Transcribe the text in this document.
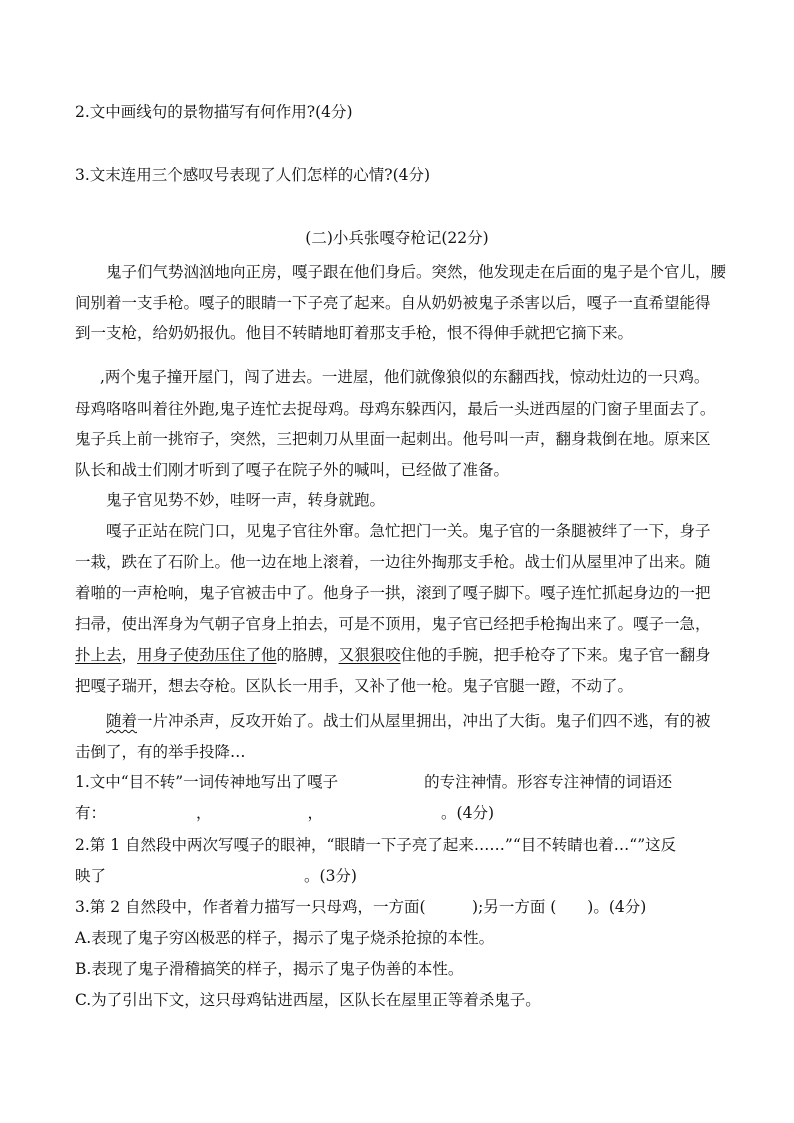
2.文中画线句的景物描写有何作用?(4分)
3.文末连用三个感叹号表现了人们怎样的心情?(4分)
(二)小兵张嘎夺枪记(22分)
鬼子们气势汹汹地向正房，嘎子跟在他们身后。突然，他发现走在后面的鬼子是个官儿，腰
间别着一支手枪。嘎子的眼睛一下子亮了起来。自从奶奶被鬼子杀害以后，嘎子一直希望能得
到一支枪，给奶奶报仇。他目不转睛地盯着那支手枪，恨不得伸手就把它摘下来。
,两个鬼子撞开屋门，闯了进去。一进屋，他们就像狼似的东翻西找，惊动灶边的一只鸡。
母鸡咯咯叫着往外跑,鬼子连忙去捉母鸡。母鸡东躲西闪，最后一头迸西屋的门窗子里面去了。
鬼子兵上前一挑帘子，突然，三把刺刀从里面一起刺出。他号叫一声，翻身栽倒在地。原来区
队长和战士们刚才听到了嘎子在院子外的喊叫，已经做了准备。
鬼子官见势不妙，哇呀一声，转身就跑。
嘎子正站在院门口，见鬼子官往外窜。急忙把门一关。鬼子官的一条腿被绊了一下，身子
一栽，跌在了石阶上。他一边在地上滚着，一边往外掏那支手枪。战士们从屋里冲了出来。随
着啪的一声枪响，鬼子官被击中了。他身子一拱，滚到了嘎子脚下。嘎子连忙抓起身边的一把
扫帚，使出浑身为气朝子官身上拍去，可是不顶用，鬼子官已经把手枪掏出来了。嘎子一急，
扑上去，用身子使劲压住了他的胳膊，又狠狠咬住他的手腕，把手枪夺了下来。鬼子官一翻身
把嘎子瑞开，想去夺枪。区队长一用手，又补了他一枪。鬼子官腿一蹬，不动了。
随着一片冲杀声，反攻开始了。战士们从屋里拥出，冲出了大街。鬼子们四不逃，有的被
击倒了，有的举手投降…
1.文中“目不转”一词传神地写出了嘎子	的专注神情。形容专注神情的词语还
有：	，	，	。(4分)
2.第 1 自然段中两次写嘎子的眼神，“眼睛一下子亮了起来……”“目不转睛也着…“”这反
映了	。(3分)
3.第 2 自然段中，作者着力描写一只母鸡，一方面(　　　);另一方面 (　　)。(4分)
A.表现了鬼子穷凶极恶的样子，揭示了鬼子烧杀抢掠的本性。
B.表现了鬼子滑稽搞笑的样子，揭示了鬼子伪善的本性。
C.为了引出下文，这只母鸡钻进西屋，区队长在屋里正等着杀鬼子。
